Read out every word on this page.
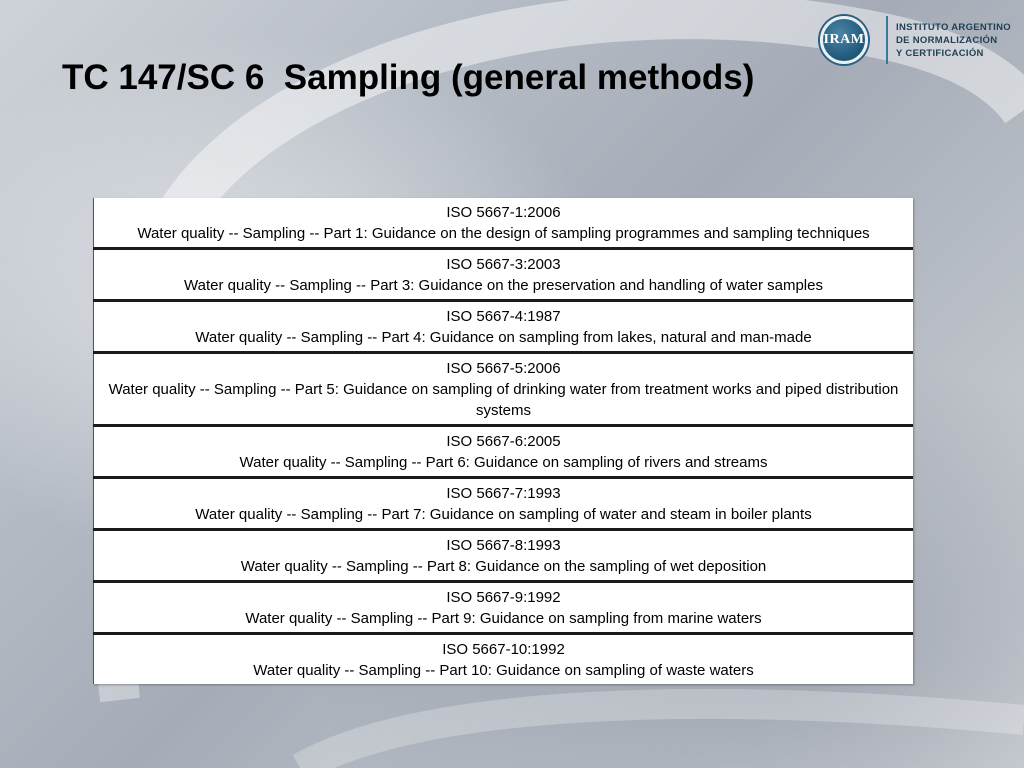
IRAM
INSTITUTO ARGENTINO
DE NORMALIZACIÓN
Y CERTIFICACIÓN
TC 147/SC 6  Sampling (general methods)
ISO 5667-1:2006
Water quality -- Sampling -- Part 1: Guidance on the design of sampling programmes and sampling techniques

ISO 5667-3:2003
Water quality -- Sampling -- Part 3: Guidance on the preservation and handling of water samples

ISO 5667-4:1987
Water quality -- Sampling -- Part 4: Guidance on sampling from lakes, natural and man-made

ISO 5667-5:2006
Water quality -- Sampling -- Part 5: Guidance on sampling of drinking water from treatment works and piped distribution systems

ISO 5667-6:2005
Water quality -- Sampling -- Part 6: Guidance on sampling of rivers and streams

ISO 5667-7:1993
Water quality -- Sampling -- Part 7: Guidance on sampling of water and steam in boiler plants

ISO 5667-8:1993
Water quality -- Sampling -- Part 8: Guidance on the sampling of wet deposition

ISO 5667-9:1992
Water quality -- Sampling -- Part 9: Guidance on sampling from marine waters

ISO 5667-10:1992
Water quality -- Sampling -- Part 10: Guidance on sampling of waste waters
